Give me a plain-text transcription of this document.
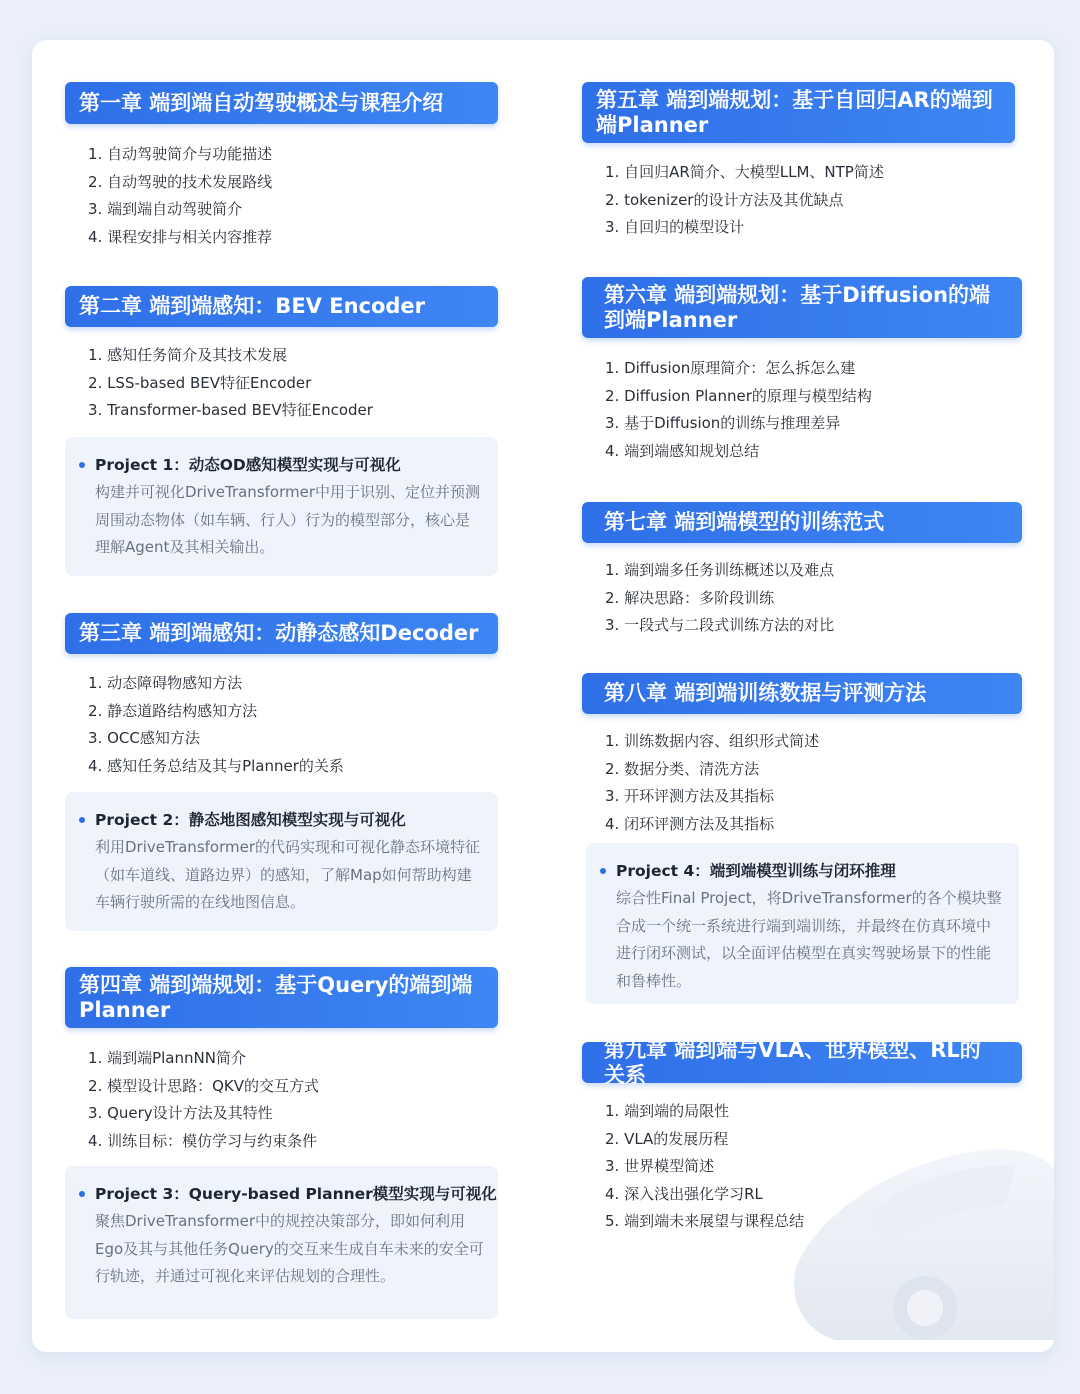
第一章 端到端自动驾驶概述与课程介绍
1. 自动驾驶简介与功能描述
2. 自动驾驶的技术发展路线
3. 端到端自动驾驶简介
4. 课程安排与相关内容推荐
第二章 端到端感知：BEV Encoder
1. 感知任务简介及其技术发展
2. LSS-based BEV特征Encoder
3. Transformer-based BEV特征Encoder
Project 1：动态OD感知模型实现与可视化
构建并可视化DriveTransformer中用于识别、定位并预测周围动态物体（如车辆、行人）行为的模型部分，核心是理解Agent及其相关输出。
第三章 端到端感知：动静态感知Decoder
1. 动态障碍物感知方法
2. 静态道路结构感知方法
3. OCC感知方法
4. 感知任务总结及其与Planner的关系
Project 2：静态地图感知模型实现与可视化
利用DriveTransformer的代码实现和可视化静态环境特征（如车道线、道路边界）的感知，了解Map如何帮助构建车辆行驶所需的在线地图信息。
第四章 端到端规划：基于Query的端到端Planner
1. 端到端PlannNN简介
2. 模型设计思路：QKV的交互方式
3. Query设计方法及其特性
4. 训练目标：模仿学习与约束条件
Project 3：Query-based Planner模型实现与可视化
聚焦DriveTransformer中的规控决策部分，即如何利用Ego及其与其他任务Query的交互来生成自车未来的安全可行轨迹，并通过可视化来评估规划的合理性。
第五章 端到端规划：基于自回归AR的端到端Planner
1. 自回归AR简介、大模型LLM、NTP简述
2. tokenizer的设计方法及其优缺点
3. 自回归的模型设计
第六章 端到端规划：基于Diffusion的端到端Planner
1. Diffusion原理简介：怎么拆怎么建
2. Diffusion Planner的原理与模型结构
3. 基于Diffusion的训练与推理差异
4. 端到端感知规划总结
第七章 端到端模型的训练范式
1. 端到端多任务训练概述以及难点
2. 解决思路：多阶段训练
3. 一段式与二段式训练方法的对比
第八章 端到端训练数据与评测方法
1. 训练数据内容、组织形式简述
2. 数据分类、清洗方法
3. 开环评测方法及其指标
4. 闭环评测方法及其指标
Project 4：端到端模型训练与闭环推理
综合性Final Project，将DriveTransformer的各个模块整合成一个统一系统进行端到端训练，并最终在仿真环境中进行闭环测试，以全面评估模型在真实驾驶场景下的性能和鲁棒性。
第九章 端到端与VLA、世界模型、RL的关系
1. 端到端的局限性
2. VLA的发展历程
3. 世界模型简述
4. 深入浅出强化学习RL
5. 端到端未来展望与课程总结
